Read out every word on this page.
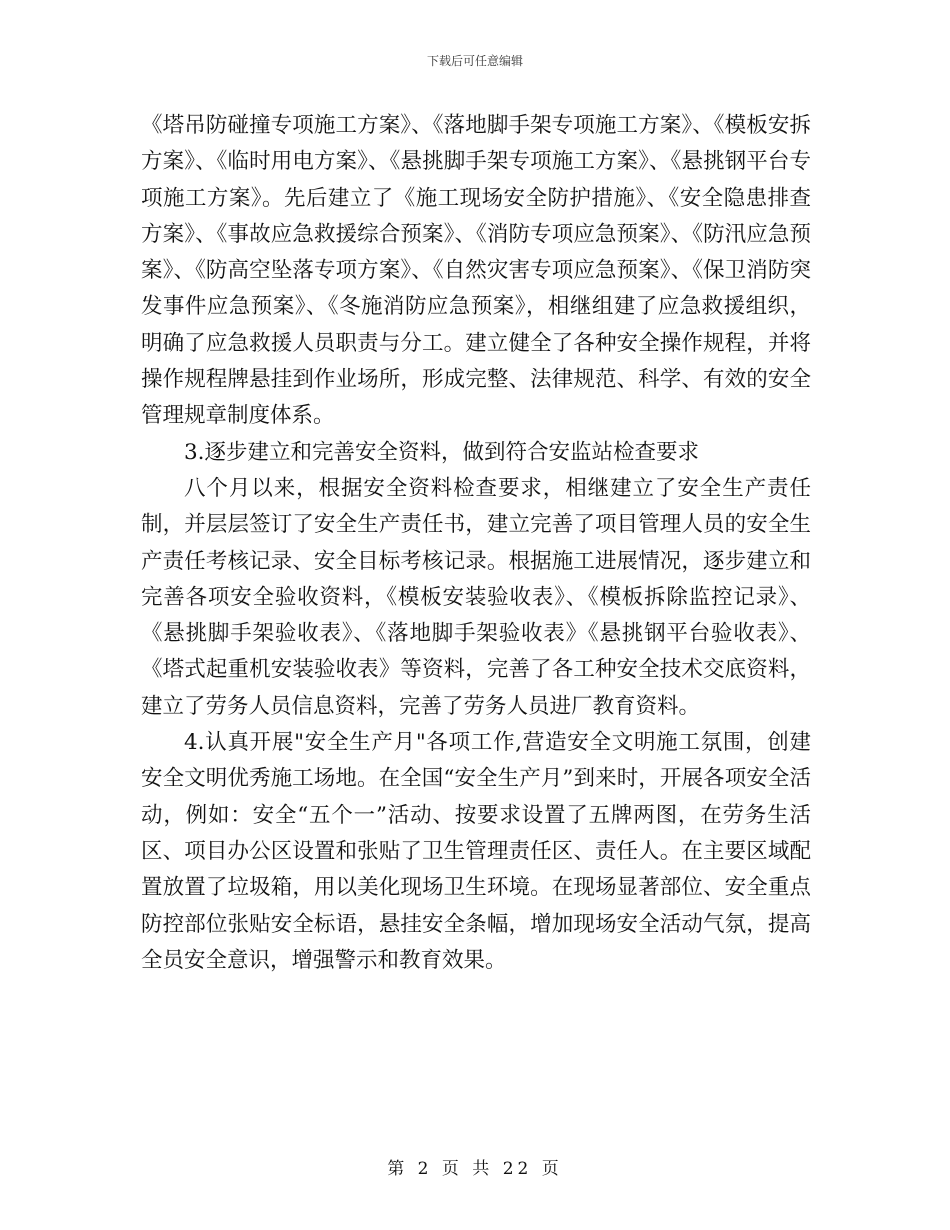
下载后可任意编辑

《塔吊防碰撞专项施工方案》、《落地脚手架专项施工方案》、《模板安拆方案》、《临时用电方案》、《悬挑脚手架专项施工方案》、《悬挑钢平台专项施工方案》。先后建立了《施工现场安全防护措施》、《安全隐患排查方案》、《事故应急救援综合预案》、《消防专项应急预案》、《防汛应急预案》、《防高空坠落专项方案》、《自然灾害专项应急预案》、《保卫消防突发事件应急预案》、《冬施消防应急预案》，相继组建了应急救援组织，明确了应急救援人员职责与分工。建立健全了各种安全操作规程，并将操作规程牌悬挂到作业场所，形成完整、法律规范、科学、有效的安全管理规章制度体系。

3.逐步建立和完善安全资料，做到符合安监站检查要求

八个月以来，根据安全资料检查要求，相继建立了安全生产责任制，并层层签订了安全生产责任书，建立完善了项目管理人员的安全生产责任考核记录、安全目标考核记录。根据施工进展情况，逐步建立和完善各项安全验收资料，《模板安装验收表》、《模板拆除监控记录》、《悬挑脚手架验收表》、《落地脚手架验收表》《悬挑钢平台验收表》、《塔式起重机安装验收表》等资料，完善了各工种安全技术交底资料，建立了劳务人员信息资料，完善了劳务人员进厂教育资料。

4.认真开展"安全生产月"各项工作,营造安全文明施工氛围，创建安全文明优秀施工场地。在全国“安全生产月”到来时，开展各项安全活动，例如：安全“五个一”活动、按要求设置了五牌两图，在劳务生活区、项目办公区设置和张贴了卫生管理责任区、责任人。在主要区域配置放置了垃圾箱，用以美化现场卫生环境。在现场显著部位、安全重点防控部位张贴安全标语，悬挂安全条幅，增加现场安全活动气氛，提高全员安全意识，增强警示和教育效果。

第 2 页 共 22 页
